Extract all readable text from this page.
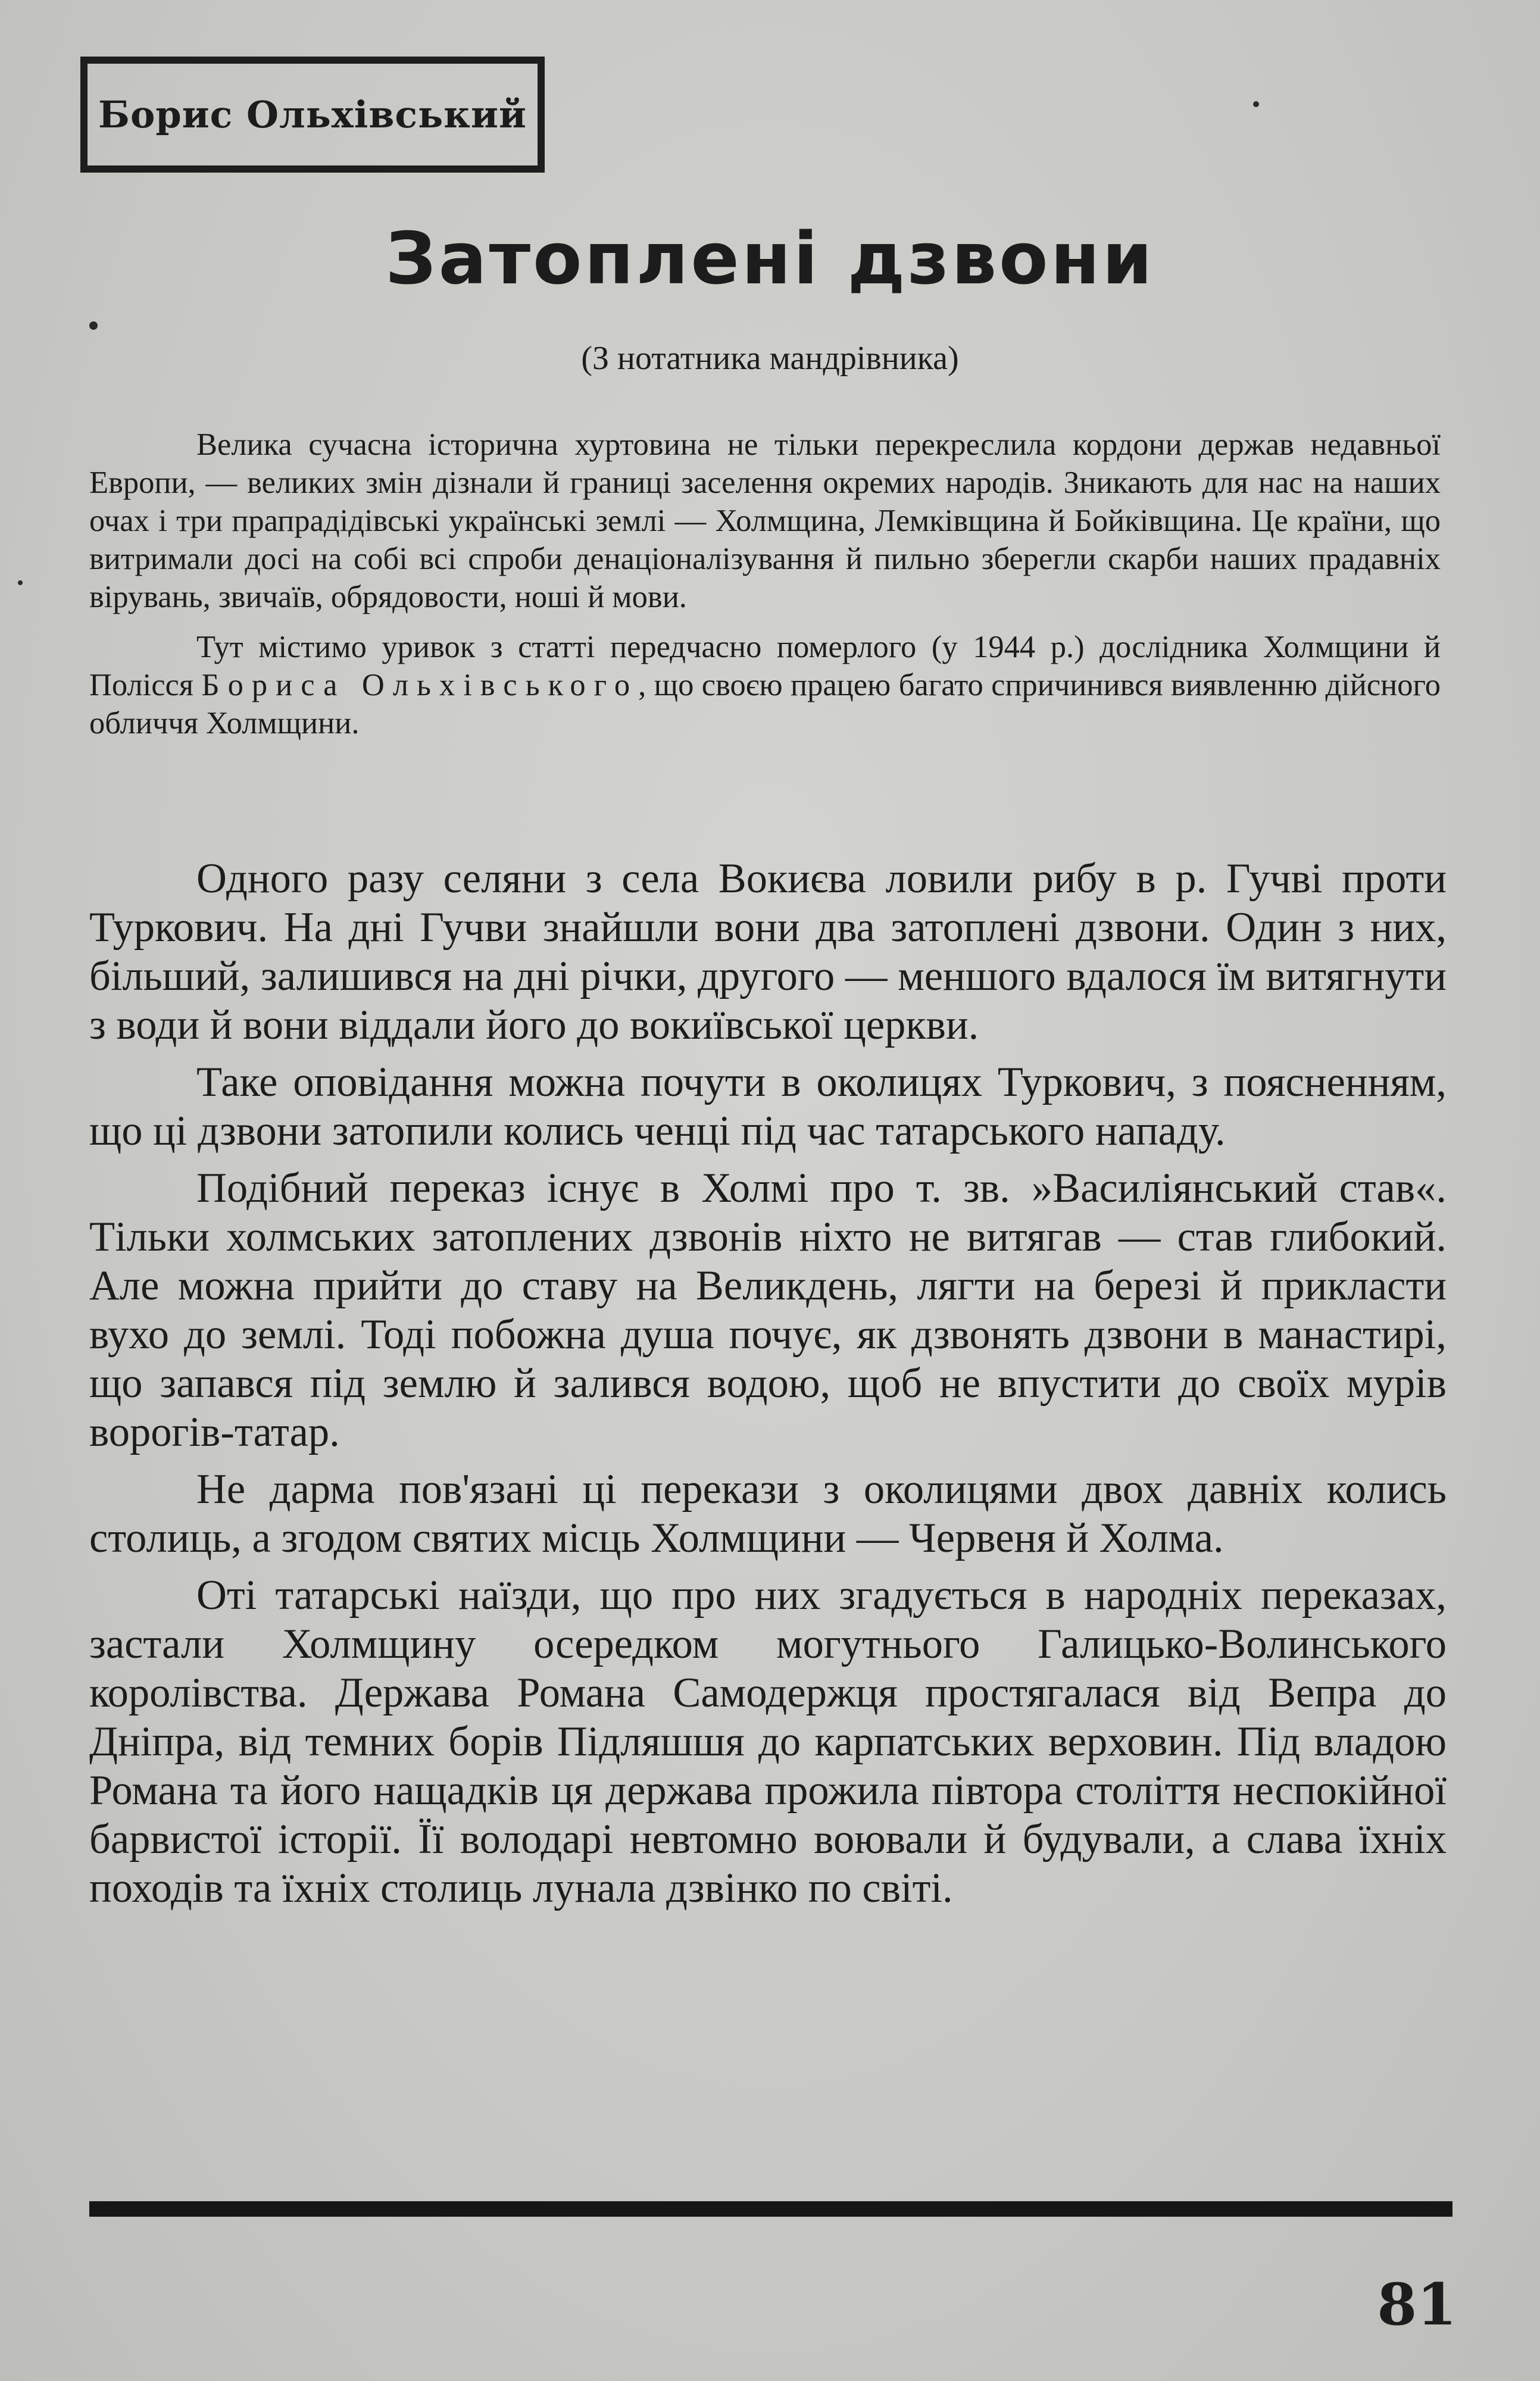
Борис Ольхівський
Затоплені дзвони
(З нотатника мандрівника)

Велика сучасна історична хуртовина не тільки перекреслила кордони держав недавньої Европи, — великих змін дізнали й границі заселення окремих народів. Зникають для нас на наших очах і три прапрадідівські українські землі — Холмщина, Лемківщина й Бойківщина. Це країни, що витримали досі на собі всі спроби денаціоналізування й пильно зберегли скарби наших прадавніх вірувань, звичаїв, обрядовости, ноші й мови.

Тут містимо уривок з статті передчасно померлого (у 1944 р.) дослідника Холмщини й Полісся Бориса Ольхівського, що своєю працею багато спричинився виявленню дійсного обличчя Холмщини.

Одного разу селяни з села Вокиєва ловили рибу в р. Гучві проти Туркович. На дні Гучви знайшли вони два затоплені дзвони. Один з них, більший, залишився на дні річки, другого — меншого вдалося їм витягнути з води й вони віддали його до вокиївської церкви.

Таке оповідання можна почути в околицях Туркович, з поясненням, що ці дзвони затопили колись ченці під час татарського нападу.

Подібний переказ існує в Холмі про т. зв. »Василіянський став«. Тільки холмських затоплених дзвонів ніхто не витягав — став глибокий. Але можна прийти до ставу на Великдень, лягти на березі й прикласти вухо до землі. Тоді побожна душа почує, як дзвонять дзвони в манастирі, що запався під землю й залився водою, щоб не впустити до своїх мурів ворогів-татар.

Не дарма пов'язані ці перекази з околицями двох давніх колись столиць, а згодом святих місць Холмщини — Червеня й Холма.

Оті татарські наїзди, що про них згадується в народніх переказах, застали Холмщину осередком могутнього Галицько-Волинського королівства. Держава Романа Самодержця простягалася від Вепра до Дніпра, від темних борів Підляшшя до карпатських верховин. Під владою Романа та його нащадків ця держава прожила півтора століття неспокійної барвистої історії. Її володарі невтомно воювали й будували, а слава їхніх походів та їхніх столиць лунала дзвінко по світі.

81
